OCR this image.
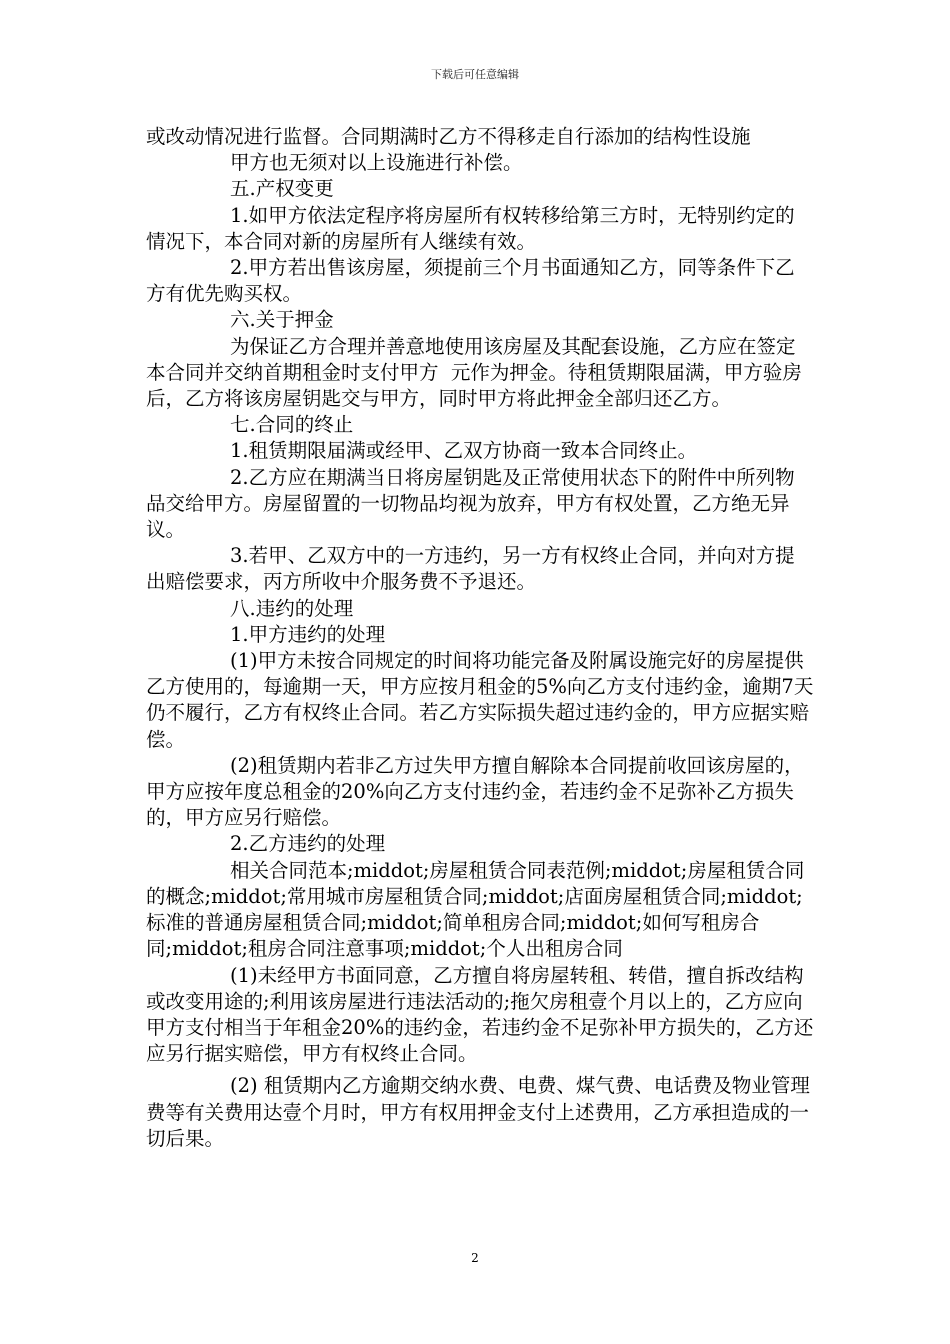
下载后可任意编辑

或改动情况进行监督。合同期满时乙方不得移走自行添加的结构性设施

甲方也无须对以上设施进行补偿。

五.产权变更

1.如甲方依法定程序将房屋所有权转移给第三方时，无特别约定的情况下，本合同对新的房屋所有人继续有效。

2.甲方若出售该房屋，须提前三个月书面通知乙方，同等条件下乙方有优先购买权。

六.关于押金

为保证乙方合理并善意地使用该房屋及其配套设施，乙方应在签定本合同并交纳首期租金时支付甲方  元作为押金。待租赁期限届满，甲方验房后，乙方将该房屋钥匙交与甲方，同时甲方将此押金全部归还乙方。

七.合同的终止

1.租赁期限届满或经甲、乙双方协商一致本合同终止。

2.乙方应在期满当日将房屋钥匙及正常使用状态下的附件中所列物品交给甲方。房屋留置的一切物品均视为放弃，甲方有权处置，乙方绝无异议。

3.若甲、乙双方中的一方违约，另一方有权终止合同，并向对方提出赔偿要求，丙方所收中介服务费不予退还。

八.违约的处理

1.甲方违约的处理

(1)甲方未按合同规定的时间将功能完备及附属设施完好的房屋提供乙方使用的，每逾期一天，甲方应按月租金的5%向乙方支付违约金，逾期7天仍不履行，乙方有权终止合同。若乙方实际损失超过违约金的，甲方应据实赔偿。

(2)租赁期内若非乙方过失甲方擅自解除本合同提前收回该房屋的，甲方应按年度总租金的20%向乙方支付违约金，若违约金不足弥补乙方损失的，甲方应另行赔偿。

2.乙方违约的处理

相关合同范本;middot;房屋租赁合同表范例;middot;房屋租赁合同的概念;middot;常用城市房屋租赁合同;middot;店面房屋租赁合同;middot;标准的普通房屋租赁合同;middot;简单租房合同;middot;如何写租房合同;middot;租房合同注意事项;middot;个人出租房合同

(1)未经甲方书面同意，乙方擅自将房屋转租、转借，擅自拆改结构或改变用途的;利用该房屋进行违法活动的;拖欠房租壹个月以上的，乙方应向甲方支付相当于年租金20%的违约金，若违约金不足弥补甲方损失的，乙方还应另行据实赔偿，甲方有权终止合同。

(2) 租赁期内乙方逾期交纳水费、电费、煤气费、电话费及物业管理费等有关费用达壹个月时，甲方有权用押金支付上述费用，乙方承担造成的一切后果。

2
